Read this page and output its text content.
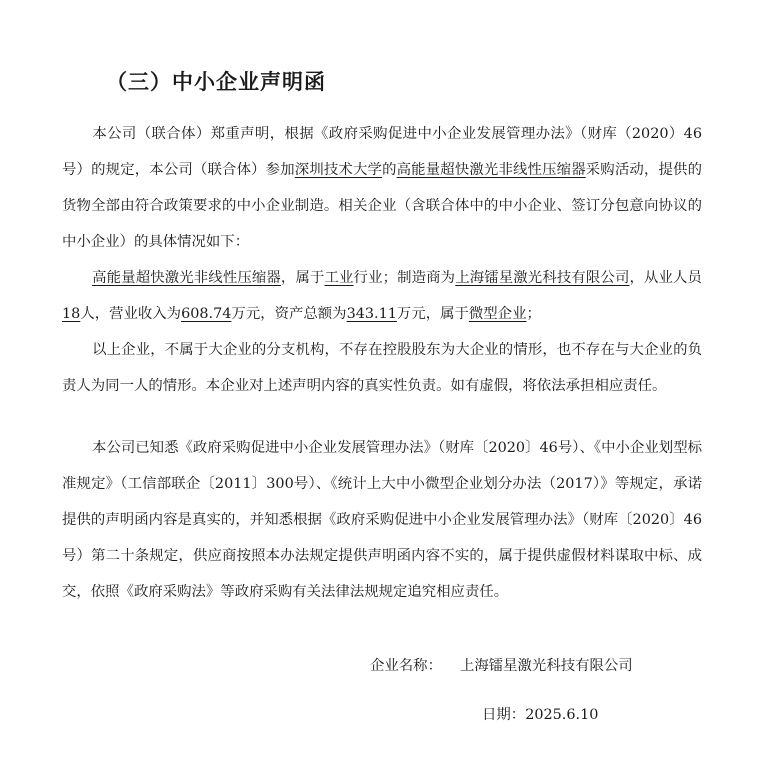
（三）中小企业声明函

本公司（联合体）郑重声明，根据《政府采购促进中小企业发展管理办法》（财库（2020）46号）的规定，本公司（联合体）参加深圳技术大学的高能量超快激光非线性压缩器采购活动，提供的货物全部由符合政策要求的中小企业制造。相关企业（含联合体中的中小企业、签订分包意向协议的中小企业）的具体情况如下：

高能量超快激光非线性压缩器，属于工业行业；制造商为上海镭星激光科技有限公司，从业人员18人，营业收入为608.74万元，资产总额为343.11万元，属于微型企业；

以上企业，不属于大企业的分支机构，不存在控股股东为大企业的情形，也不存在与大企业的负责人为同一人的情形。本企业对上述声明内容的真实性负责。如有虚假，将依法承担相应责任。

本公司已知悉《政府采购促进中小企业发展管理办法》（财库〔2020〕46号）、《中小企业划型标准规定》（工信部联企〔2011〕300号）、《统计上大中小微型企业划分办法（2017）》等规定，承诺提供的声明函内容是真实的，并知悉根据《政府采购促进中小企业发展管理办法》（财库〔2020〕46号）第二十条规定，供应商按照本办法规定提供声明函内容不实的，属于提供虚假材料谋取中标、成交，依照《政府采购法》等政府采购有关法律法规规定追究相应责任。

企业名称： 上海镭星激光科技有限公司

日期：2025.6.10
